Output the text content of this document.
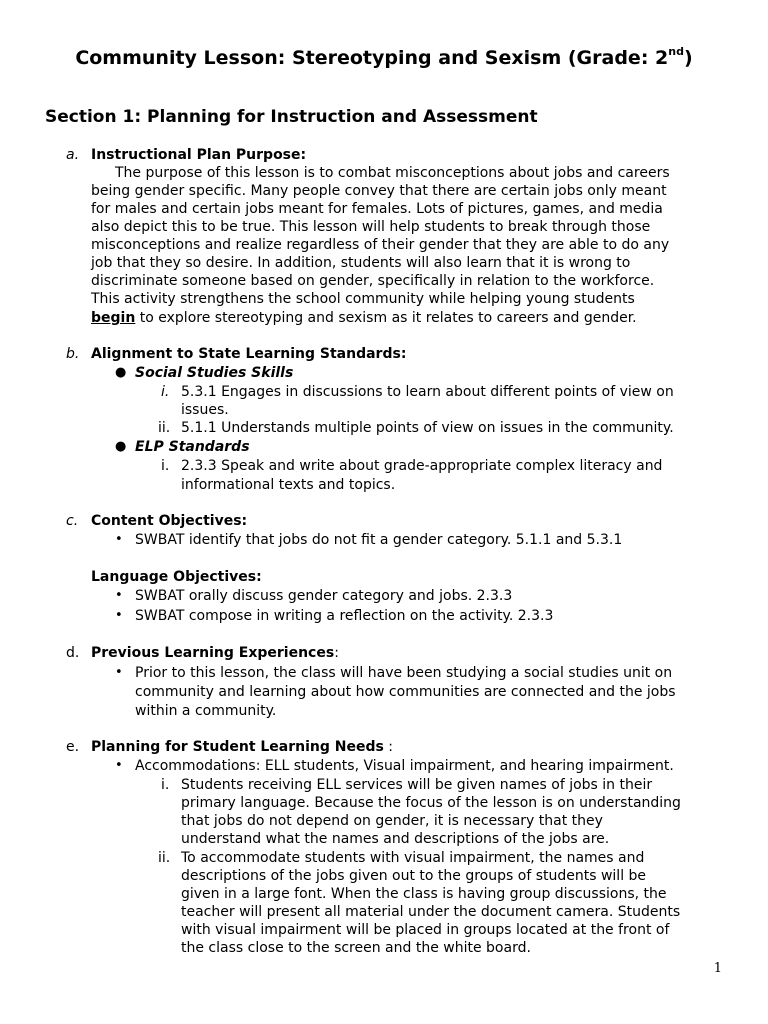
Community Lesson: Stereotyping and Sexism (Grade: 2nd)
Section 1: Planning for Instruction and Assessment
a. Instructional Plan Purpose:
The purpose of this lesson is to combat misconceptions about jobs and careers
being gender specific. Many people convey that there are certain jobs only meant
for males and certain jobs meant for females. Lots of pictures, games, and media
also depict this to be true. This lesson will help students to break through those
misconceptions and realize regardless of their gender that they are able to do any
job that they so desire. In addition, students will also learn that it is wrong to
discriminate someone based on gender, specifically in relation to the workforce.
This activity strengthens the school community while helping young students
begin to explore stereotyping and sexism as it relates to careers and gender.
b. Alignment to State Learning Standards:
● Social Studies Skills
i. 5.3.1 Engages in discussions to learn about different points of view on
issues.
ii. 5.1.1 Understands multiple points of view on issues in the community.
● ELP Standards
i. 2.3.3 Speak and write about grade-appropriate complex literacy and
informational texts and topics.
c. Content Objectives:
• SWBAT identify that jobs do not fit a gender category. 5.1.1 and 5.3.1
Language Objectives:
• SWBAT orally discuss gender category and jobs. 2.3.3
• SWBAT compose in writing a reflection on the activity. 2.3.3
d. Previous Learning Experiences:
• Prior to this lesson, the class will have been studying a social studies unit on
community and learning about how communities are connected and the jobs
within a community.
e. Planning for Student Learning Needs :
• Accommodations: ELL students, Visual impairment, and hearing impairment.
i. Students receiving ELL services will be given names of jobs in their
primary language. Because the focus of the lesson is on understanding
that jobs do not depend on gender, it is necessary that they
understand what the names and descriptions of the jobs are.
ii. To accommodate students with visual impairment, the names and
descriptions of the jobs given out to the groups of students will be
given in a large font. When the class is having group discussions, the
teacher will present all material under the document camera. Students
with visual impairment will be placed in groups located at the front of
the class close to the screen and the white board.
1
